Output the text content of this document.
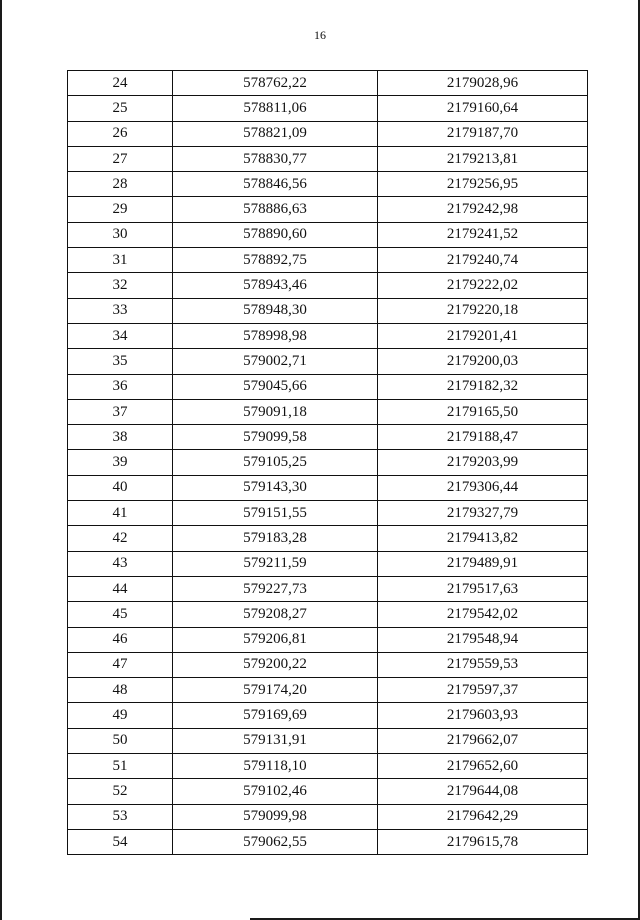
16
24	578762,22	2179028,96
25	578811,06	2179160,64
26	578821,09	2179187,70
27	578830,77	2179213,81
28	578846,56	2179256,95
29	578886,63	2179242,98
30	578890,60	2179241,52
31	578892,75	2179240,74
32	578943,46	2179222,02
33	578948,30	2179220,18
34	578998,98	2179201,41
35	579002,71	2179200,03
36	579045,66	2179182,32
37	579091,18	2179165,50
38	579099,58	2179188,47
39	579105,25	2179203,99
40	579143,30	2179306,44
41	579151,55	2179327,79
42	579183,28	2179413,82
43	579211,59	2179489,91
44	579227,73	2179517,63
45	579208,27	2179542,02
46	579206,81	2179548,94
47	579200,22	2179559,53
48	579174,20	2179597,37
49	579169,69	2179603,93
50	579131,91	2179662,07
51	579118,10	2179652,60
52	579102,46	2179644,08
53	579099,98	2179642,29
54	579062,55	2179615,78
